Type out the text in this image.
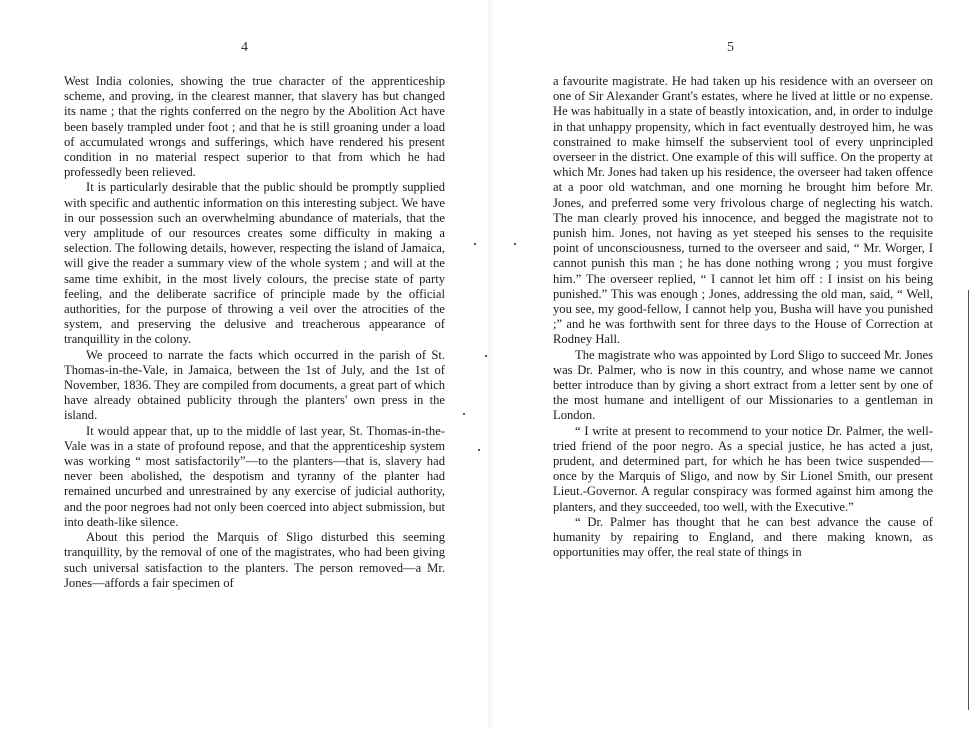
4

West India colonies, showing the true character of the apprenticeship scheme, and proving, in the clearest manner, that slavery has but changed its name ; that the rights conferred on the negro by the Abolition Act have been basely trampled under foot ; and that he is still groaning under a load of accumulated wrongs and sufferings, which have rendered his present condition in no material respect superior to that from which he had professedly been relieved.

It is particularly desirable that the public should be promptly supplied with specific and authentic information on this interesting subject. We have in our possession such an overwhelming abundance of materials, that the very amplitude of our resources creates some difficulty in making a selection. The following details, however, respecting the island of Jamaica, will give the reader a summary view of the whole system ; and will at the same time exhibit, in the most lively colours, the precise state of party feeling, and the deliberate sacrifice of principle made by the official authorities, for the purpose of throwing a veil over the atrocities of the system, and preserving the delusive and treacherous appearance of tranquillity in the colony.

We proceed to narrate the facts which occurred in the parish of St. Thomas-in-the-Vale, in Jamaica, between the 1st of July, and the 1st of November, 1836. They are compiled from documents, a great part of which have already obtained publicity through the planters' own press in the island.

It would appear that, up to the middle of last year, St. Thomas-in-the-Vale was in a state of profound repose, and that the apprenticeship system was working “ most satisfactorily”—to the planters—that is, slavery had never been abolished, the despotism and tyranny of the planter had remained uncurbed and unrestrained by any exercise of judicial authority, and the poor negroes had not only been coerced into abject submission, but into death-like silence.

About this period the Marquis of Sligo disturbed this seeming tranquillity, by the removal of one of the magistrates, who had been giving such universal satisfaction to the planters. The person removed—a Mr. Jones—affords a fair specimen of

5

a favourite magistrate. He had taken up his residence with an overseer on one of Sir Alexander Grant's estates, where he lived at little or no expense. He was habitually in a state of beastly intoxication, and, in order to indulge in that unhappy propensity, which in fact eventually destroyed him, he was constrained to make himself the subservient tool of every unprincipled overseer in the district. One example of this will suffice. On the property at which Mr. Jones had taken up his residence, the overseer had taken offence at a poor old watchman, and one morning he brought him before Mr. Jones, and preferred some very frivolous charge of neglecting his watch. The man clearly proved his innocence, and begged the magistrate not to punish him. Jones, not having as yet steeped his senses to the requisite point of unconsciousness, turned to the overseer and said, “ Mr. Worger, I cannot punish this man ; he has done nothing wrong ; you must forgive him.” The overseer replied, “ I cannot let him off : I insist on his being punished.” This was enough ; Jones, addressing the old man, said, “ Well, you see, my good-fellow, I cannot help you, Busha will have you punished ;” and he was forthwith sent for three days to the House of Correction at Rodney Hall.

The magistrate who was appointed by Lord Sligo to succeed Mr. Jones was Dr. Palmer, who is now in this country, and whose name we cannot better introduce than by giving a short extract from a letter sent by one of the most humane and intelligent of our Missionaries to a gentleman in London.

“ I write at present to recommend to your notice Dr. Palmer, the well-tried friend of the poor negro. As a special justice, he has acted a just, prudent, and determined part, for which he has been twice suspended—once by the Marquis of Sligo, and now by Sir Lionel Smith, our present Lieut.-Governor. A regular conspiracy was formed against him among the planters, and they succeeded, too well, with the Executive.”

“ Dr. Palmer has thought that he can best advance the cause of humanity by repairing to England, and there making known, as opportunities may offer, the real state of things in
